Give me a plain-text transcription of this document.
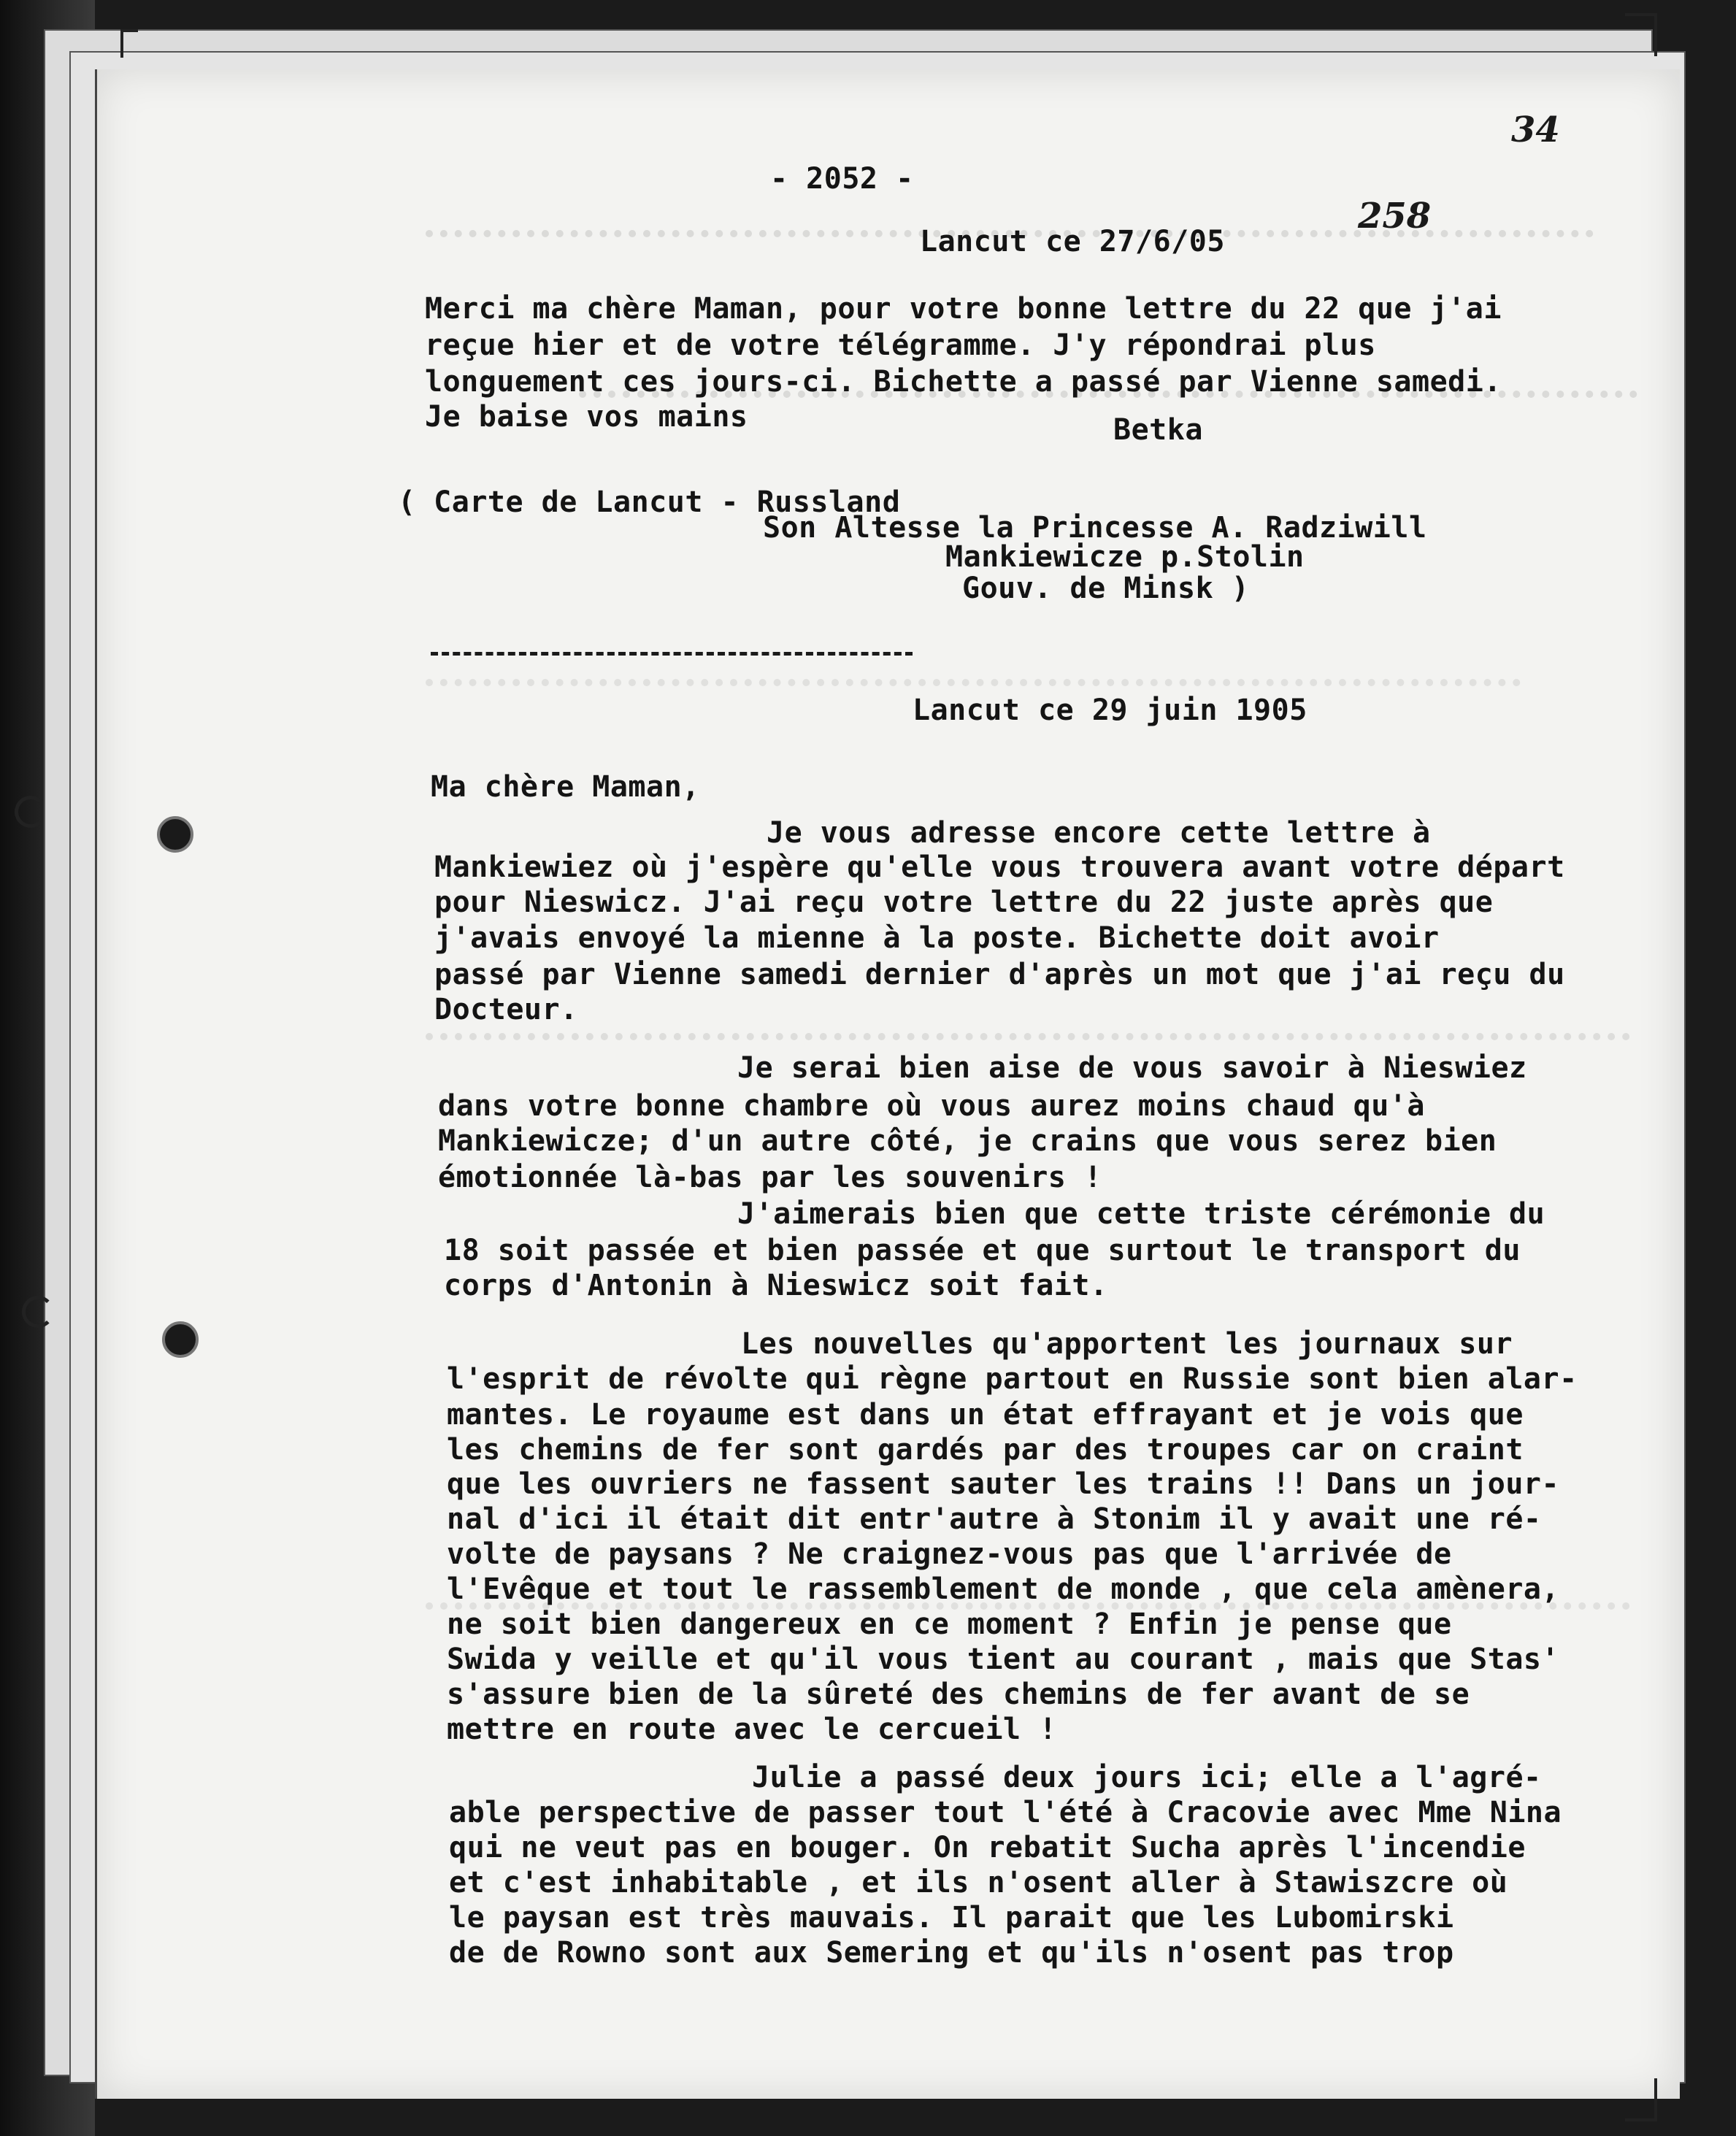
- 2052 -
34
258
Lancut ce 27/6/05
Merci ma chère Maman, pour votre bonne lettre du 22 que j'ai
reçue hier et de votre télégramme. J'y répondrai plus
longuement ces jours-ci. Bichette a passé par Vienne samedi.
Je baise vos mains	Betka
( Carte de Lancut - Russland
Son Altesse la Princesse A. Radziwill
Mankiewicze p.Stolin
Gouv. de Minsk )
Lancut ce 29 juin 1905
Ma chère Maman,
Je vous adresse encore cette lettre à
Mankiewiez où j'espère qu'elle vous trouvera avant votre départ
pour Nieswicz. J'ai reçu votre lettre du 22 juste après que
j'avais envoyé la mienne à la poste. Bichette doit avoir
passé par Vienne samedi dernier d'après un mot que j'ai reçu du
Docteur.
Je serai bien aise de vous savoir à Nieswiez
dans votre bonne chambre où vous aurez moins chaud qu'à
Mankiewicze; d'un autre côté, je crains que vous serez bien
émotionnée là-bas par les souvenirs !
J'aimerais bien que cette triste cérémonie du
18 soit passée et bien passée et que surtout le transport du
corps d'Antonin à Nieswicz soit fait.
Les nouvelles qu'apportent les journaux sur
l'esprit de révolte qui règne partout en Russie sont bien alar-
mantes. Le royaume est dans un état effrayant et je vois que
les chemins de fer sont gardés par des troupes car on craint
que les ouvriers ne fassent sauter les trains !! Dans un jour-
nal d'ici il était dit entr'autre à Stonim il y avait une ré-
volte de paysans ? Ne craignez-vous pas que l'arrivée de
l'Evêque et tout le rassemblement de monde , que cela amènera,
ne soit bien dangereux en ce moment ? Enfin je pense que
Swida y veille et qu'il vous tient au courant , mais que Stas'
s'assure bien de la sûreté des chemins de fer avant de se
mettre en route avec le cercueil !
Julie a passé deux jours ici; elle a l'agré-
able perspective de passer tout l'été à Cracovie avec Mme Nina
qui ne veut pas en bouger. On rebatit Sucha après l'incendie
et c'est inhabitable , et ils n'osent aller à Stawiszcre où
le paysan est très mauvais. Il parait que les Lubomirski
de de Rowno sont aux Semering et qu'ils n'osent pas trop
